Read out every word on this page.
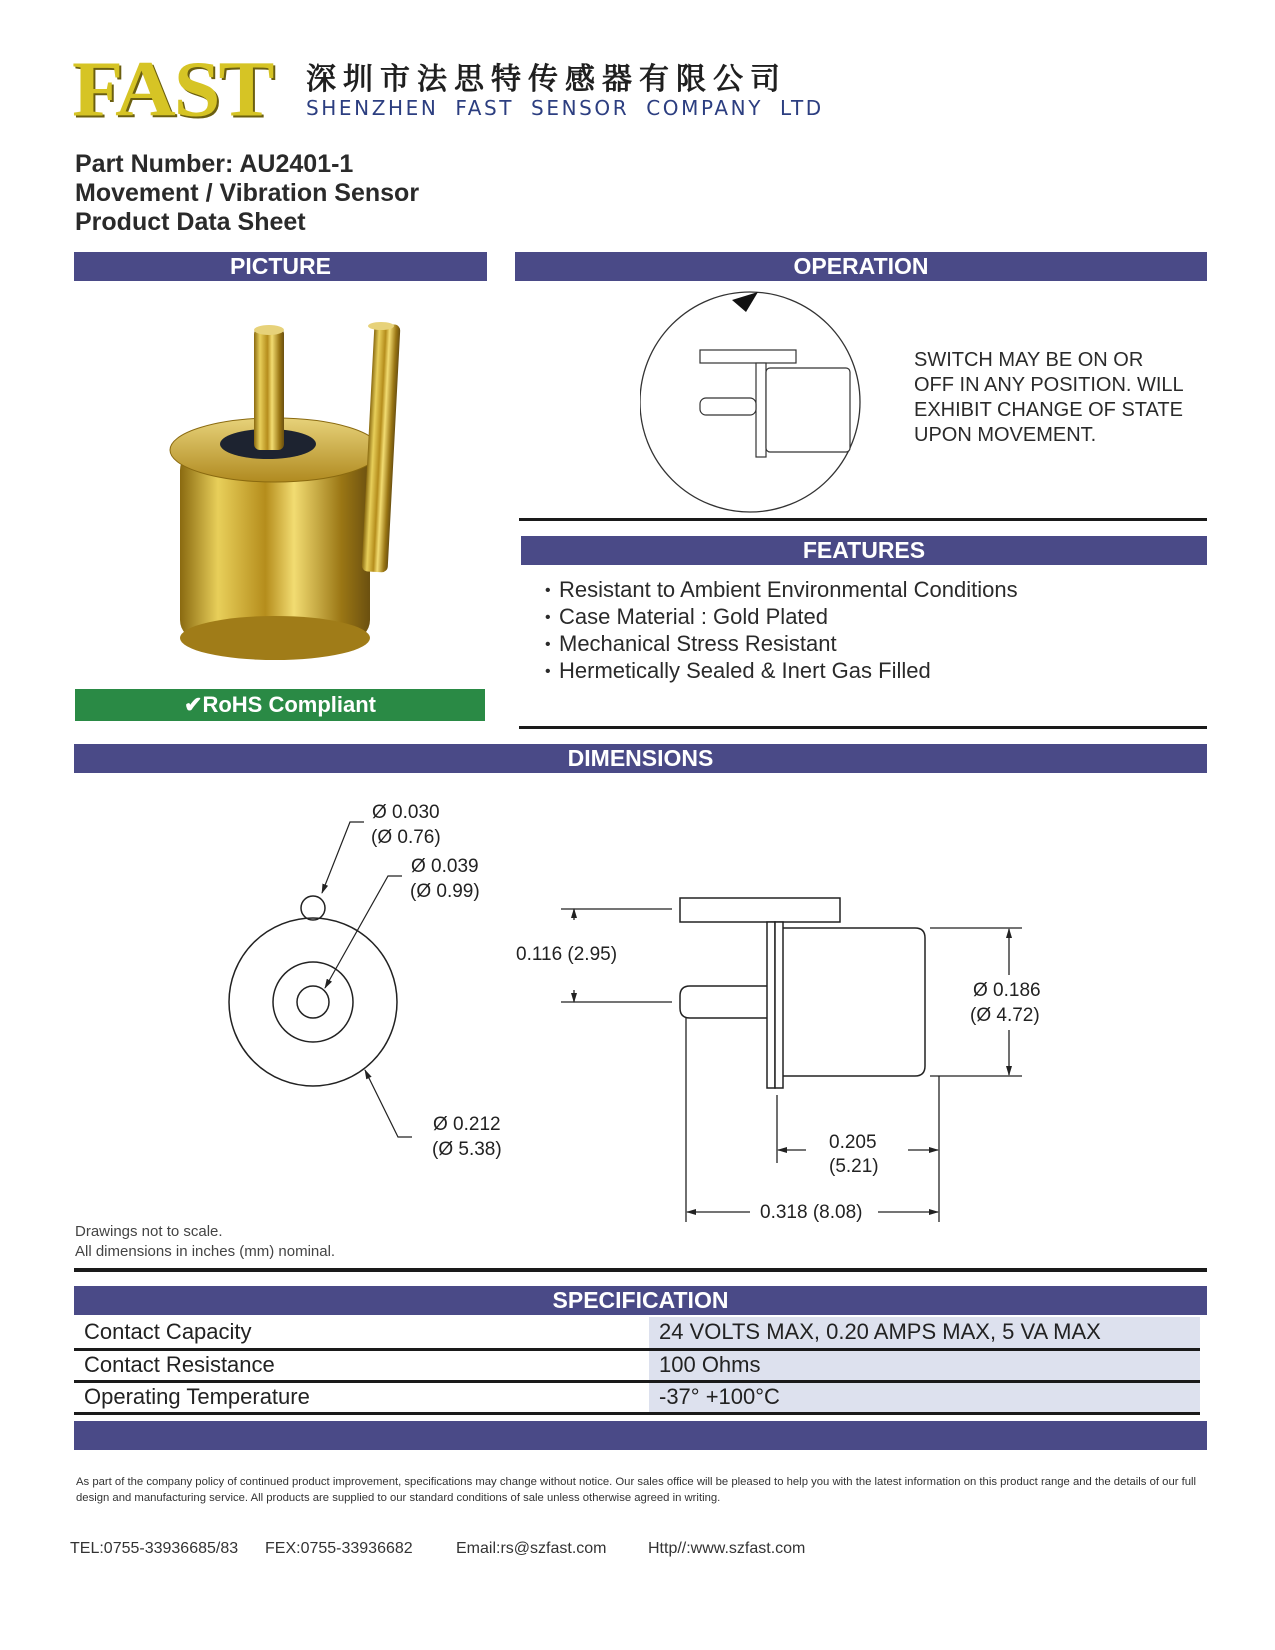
FAST 深圳市法思特传感器有限公司
SHENZHEN FAST SENSOR COMPANY LTD
Part Number: AU2401-1
Movement / Vibration Sensor
Product Data Sheet
PICTURE
✔RoHS Compliant
OPERATION
SWITCH MAY BE ON OR
OFF IN ANY POSITION. WILL
EXHIBIT CHANGE OF STATE
UPON MOVEMENT.
FEATURES
• Resistant to Ambient Environmental Conditions
• Case Material : Gold Plated
• Mechanical Stress Resistant
• Hermetically Sealed & Inert Gas Filled
DIMENSIONS
Ø 0.030
(Ø 0.76)
Ø 0.039
(Ø 0.99)
Ø 0.212
(Ø 5.38)
0.116 (2.95)
Ø 0.186
(Ø 4.72)
0.205
(5.21)
0.318 (8.08)
Drawings not to scale.
All dimensions in inches (mm) nominal.
SPECIFICATION
Contact Capacity	24 VOLTS MAX, 0.20 AMPS MAX, 5 VA MAX
Contact Resistance	100 Ohms
Operating Temperature	-37° +100°C
As part of the company policy of continued product improvement, specifications may change without notice. Our sales office will be pleased to help you with the latest information on this product range and the details of our full design and manufacturing service. All products are supplied to our standard conditions of sale unless otherwise agreed in writing.
TEL:0755-33936685/83 FEX:0755-33936682	Email:rs@szfast.com	Http//:www.szfast.com
